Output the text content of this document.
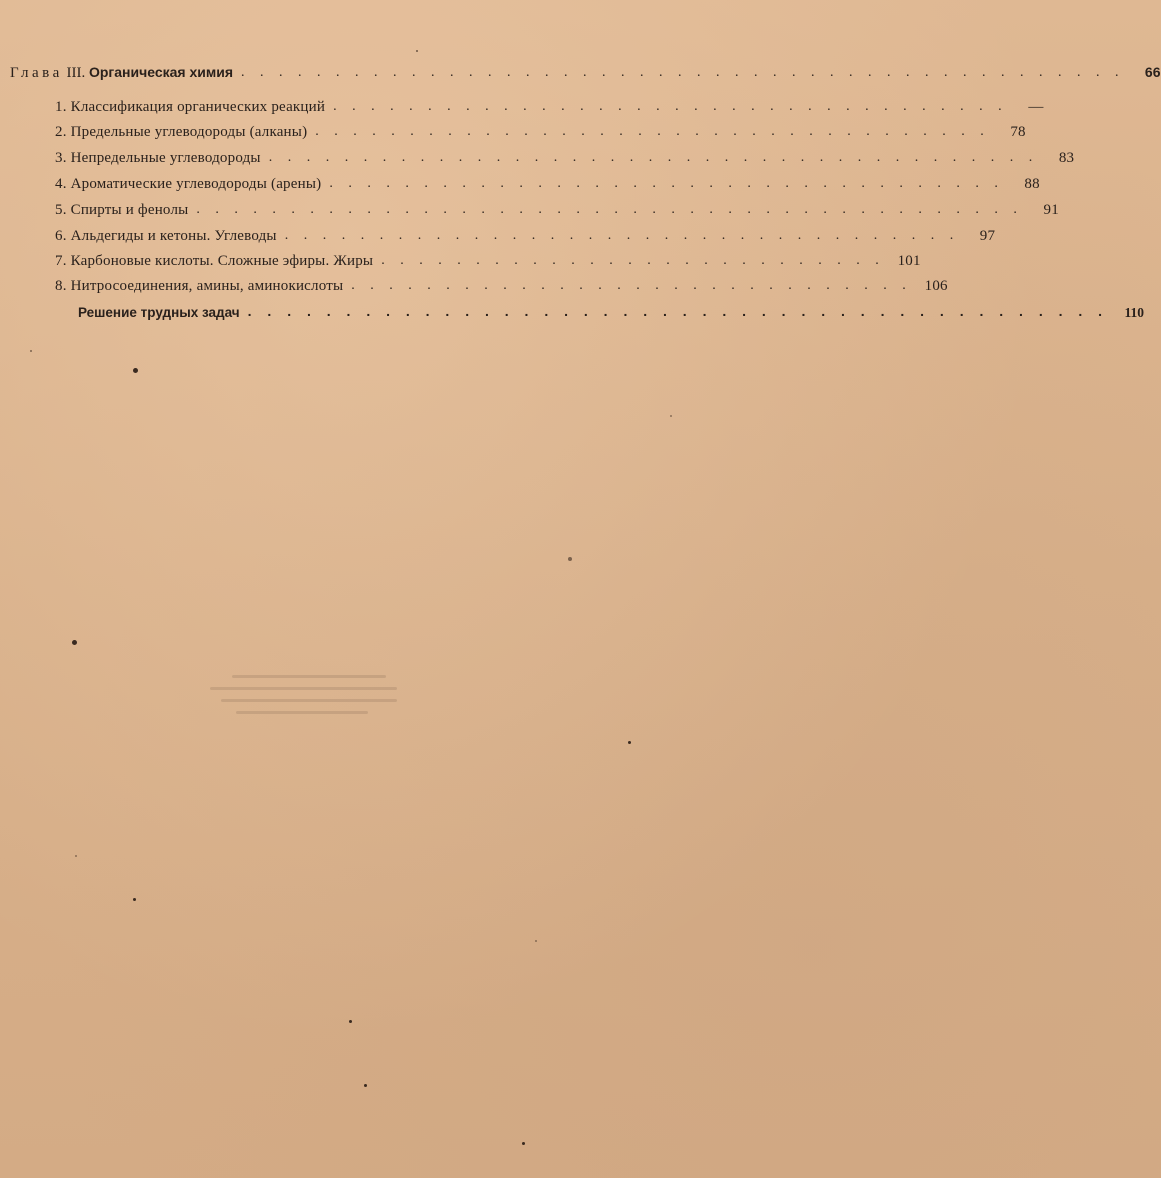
Глава III. Органическая химия . . . . . . . . . . . . . . . . . . . . . . . . . . . . . . . . . . . . . . . . . . . . . . .	66
1. Классификация органических реакций . . . . . . . . . . . . . . . . . . . . . . . . . . . . . . . . . . . .	—
2. Предельные углеводороды (алканы) . . . . . . . . . . . . . . . . . . . . . . . . . . . . . . . . . . . .	78
3. Непредельные углеводороды . . . . . . . . . . . . . . . . . . . . . . . . . . . . . . . . . . . . . . . . .	83
4. Ароматические углеводороды (арены) . . . . . . . . . . . . . . . . . . . . . . . . . . . . . . . . . . . .	88
5. Спирты и фенолы . . . . . . . . . . . . . . . . . . . . . . . . . . . . . . . . . . . . . . . . . . . .	91
6. Альдегиды и кетоны. Углеводы . . . . . . . . . . . . . . . . . . . . . . . . . . . . . . . . . . . .	97
7. Карбоновые кислоты. Сложные эфиры. Жиры . . . . . . . . . . . . . . . . . . . . . . . . . . . 101
8. Нитросоединения, амины, аминокислоты . . . . . . . . . . . . . . . . . . . . . . . . . . . . . . 106
Решение трудных задач . . . . . . . . . . . . . . . . . . . . . . . . . . . . . . . . . . . . . . . . . . . .	110
